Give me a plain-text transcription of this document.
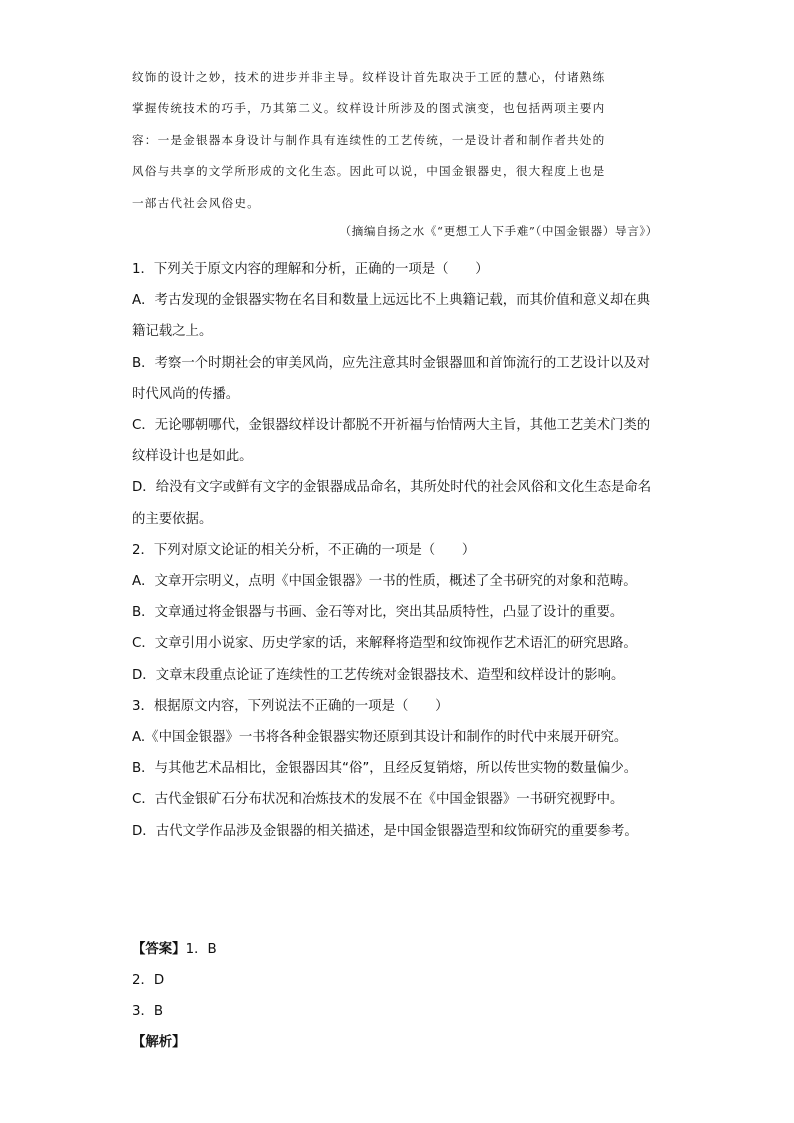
纹饰的设计之妙，技术的进步并非主导。纹样设计首先取决于工匠的慧心，付诸熟练

掌握传统技术的巧手，乃其第二义。纹样设计所涉及的图式演变，也包括两项主要内

容：一是金银器本身设计与制作具有连续性的工艺传统，一是设计者和制作者共处的

风俗与共享的文学所形成的文化生态。因此可以说，中国金银器史，很大程度上也是

一部古代社会风俗史。

（摘编自扬之水《“更想工人下手难”（中国金银器）导言》）

1．下列关于原文内容的理解和分析，正确的一项是（　　）

A．考古发现的金银器实物在名目和数量上远远比不上典籍记载，而其价值和意义却在典籍记载之上。

B．考察一个时期社会的审美风尚，应先注意其时金银器皿和首饰流行的工艺设计以及对时代风尚的传播。

C．无论哪朝哪代，金银器纹样设计都脱不开祈福与怡情两大主旨，其他工艺美术门类的纹样设计也是如此。

D．给没有文字或鲜有文字的金银器成品命名，其所处时代的社会风俗和文化生态是命名的主要依据。

2．下列对原文论证的相关分析，不正确的一项是（　　）

A．文章开宗明义，点明《中国金银器》一书的性质，概述了全书研究的对象和范畴。

B．文章通过将金银器与书画、金石等对比，突出其品质特性，凸显了设计的重要。

C．文章引用小说家、历史学家的话，来解释将造型和纹饰视作艺术语汇的研究思路。

D．文章末段重点论证了连续性的工艺传统对金银器技术、造型和纹样设计的影响。

3．根据原文内容，下列说法不正确的一项是（　　）

A.《中国金银器》一书将各种金银器实物还原到其设计和制作的时代中来展开研究。

B．与其他艺术品相比，金银器因其“俗”，且经反复销熔，所以传世实物的数量偏少。

C．古代金银矿石分布状况和冶炼技术的发展不在《中国金银器》一书研究视野中。

D．古代文学作品涉及金银器的相关描述，是中国金银器造型和纹饰研究的重要参考。

【答案】1．B

2．D

3．B

【解析】
